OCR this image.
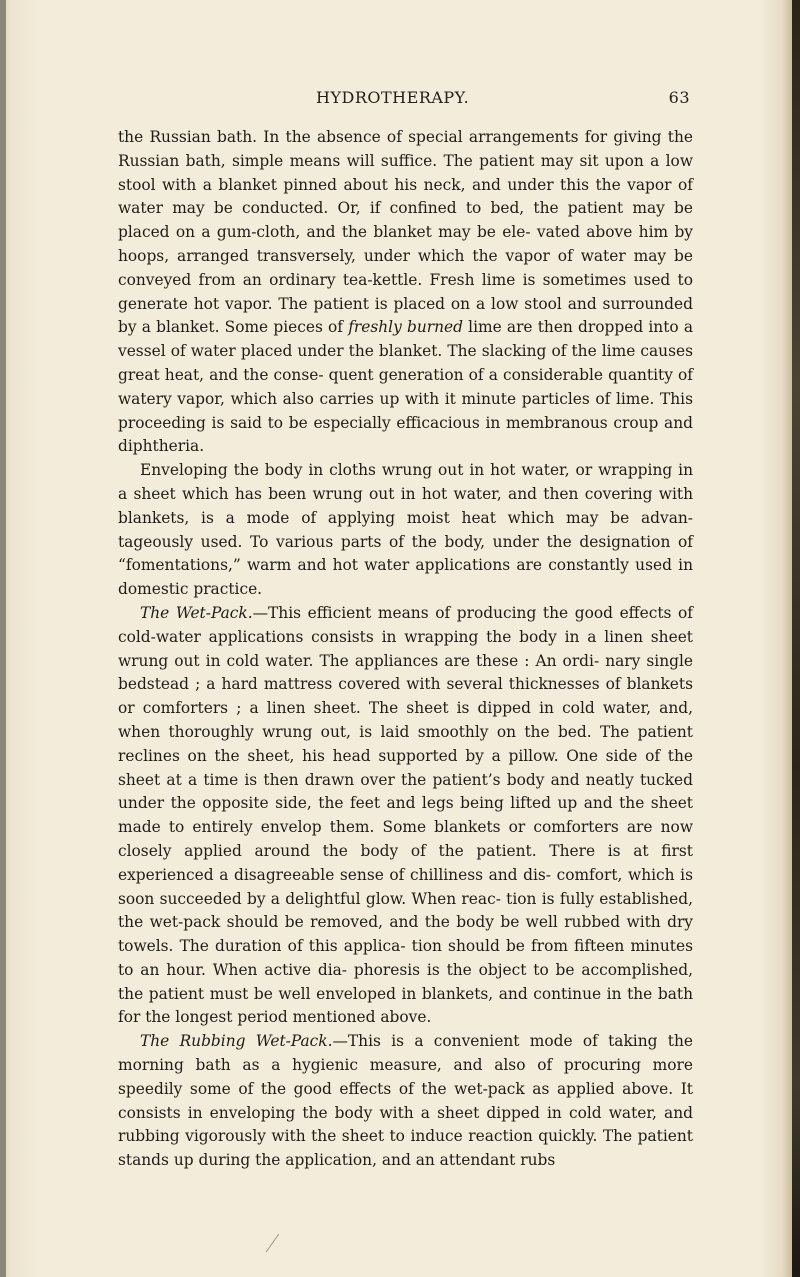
HYDROTHERAPY.	63

the Russian bath. In the absence of special arrangements for giving the Russian bath, simple means will suffice. The patient may sit upon a low stool with a blanket pinned about his neck, and under this the vapor of water may be conducted. Or, if confined to bed, the patient may be placed on a gum-cloth, and the blanket may be ele- vated above him by hoops, arranged transversely, under which the vapor of water may be conveyed from an ordinary tea-kettle. Fresh lime is sometimes used to generate hot vapor. The patient is placed on a low stool and surrounded by a blanket. Some pieces of freshly burned lime are then dropped into a vessel of water placed under the blanket. The slacking of the lime causes great heat, and the conse- quent generation of a considerable quantity of watery vapor, which also carries up with it minute particles of lime. This proceeding is said to be especially efficacious in membranous croup and diphtheria.

Enveloping the body in cloths wrung out in hot water, or wrapping in a sheet which has been wrung out in hot water, and then covering with blankets, is a mode of applying moist heat which may be advan- tageously used. To various parts of the body, under the designation of “fomentations,” warm and hot water applications are constantly used in domestic practice.

The Wet-Pack.—This efficient means of producing the good effects of cold-water applications consists in wrapping the body in a linen sheet wrung out in cold water. The appliances are these : An ordi- nary single bedstead ; a hard mattress covered with several thicknesses of blankets or comforters ; a linen sheet. The sheet is dipped in cold water, and, when thoroughly wrung out, is laid smoothly on the bed. The patient reclines on the sheet, his head supported by a pillow. One side of the sheet at a time is then drawn over the patient’s body and neatly tucked under the opposite side, the feet and legs being lifted up and the sheet made to entirely envelop them. Some blankets or comforters are now closely applied around the body of the patient. There is at first experienced a disagreeable sense of chilliness and dis- comfort, which is soon succeeded by a delightful glow. When reac- tion is fully established, the wet-pack should be removed, and the body be well rubbed with dry towels. The duration of this applica- tion should be from fifteen minutes to an hour. When active dia- phoresis is the object to be accomplished, the patient must be well enveloped in blankets, and continue in the bath for the longest period mentioned above.

The Rubbing Wet-Pack.—This is a convenient mode of taking the morning bath as a hygienic measure, and also of procuring more speedily some of the good effects of the wet-pack as applied above. It consists in enveloping the body with a sheet dipped in cold water, and rubbing vigorously with the sheet to induce reaction quickly. The patient stands up during the application, and an attendant rubs
